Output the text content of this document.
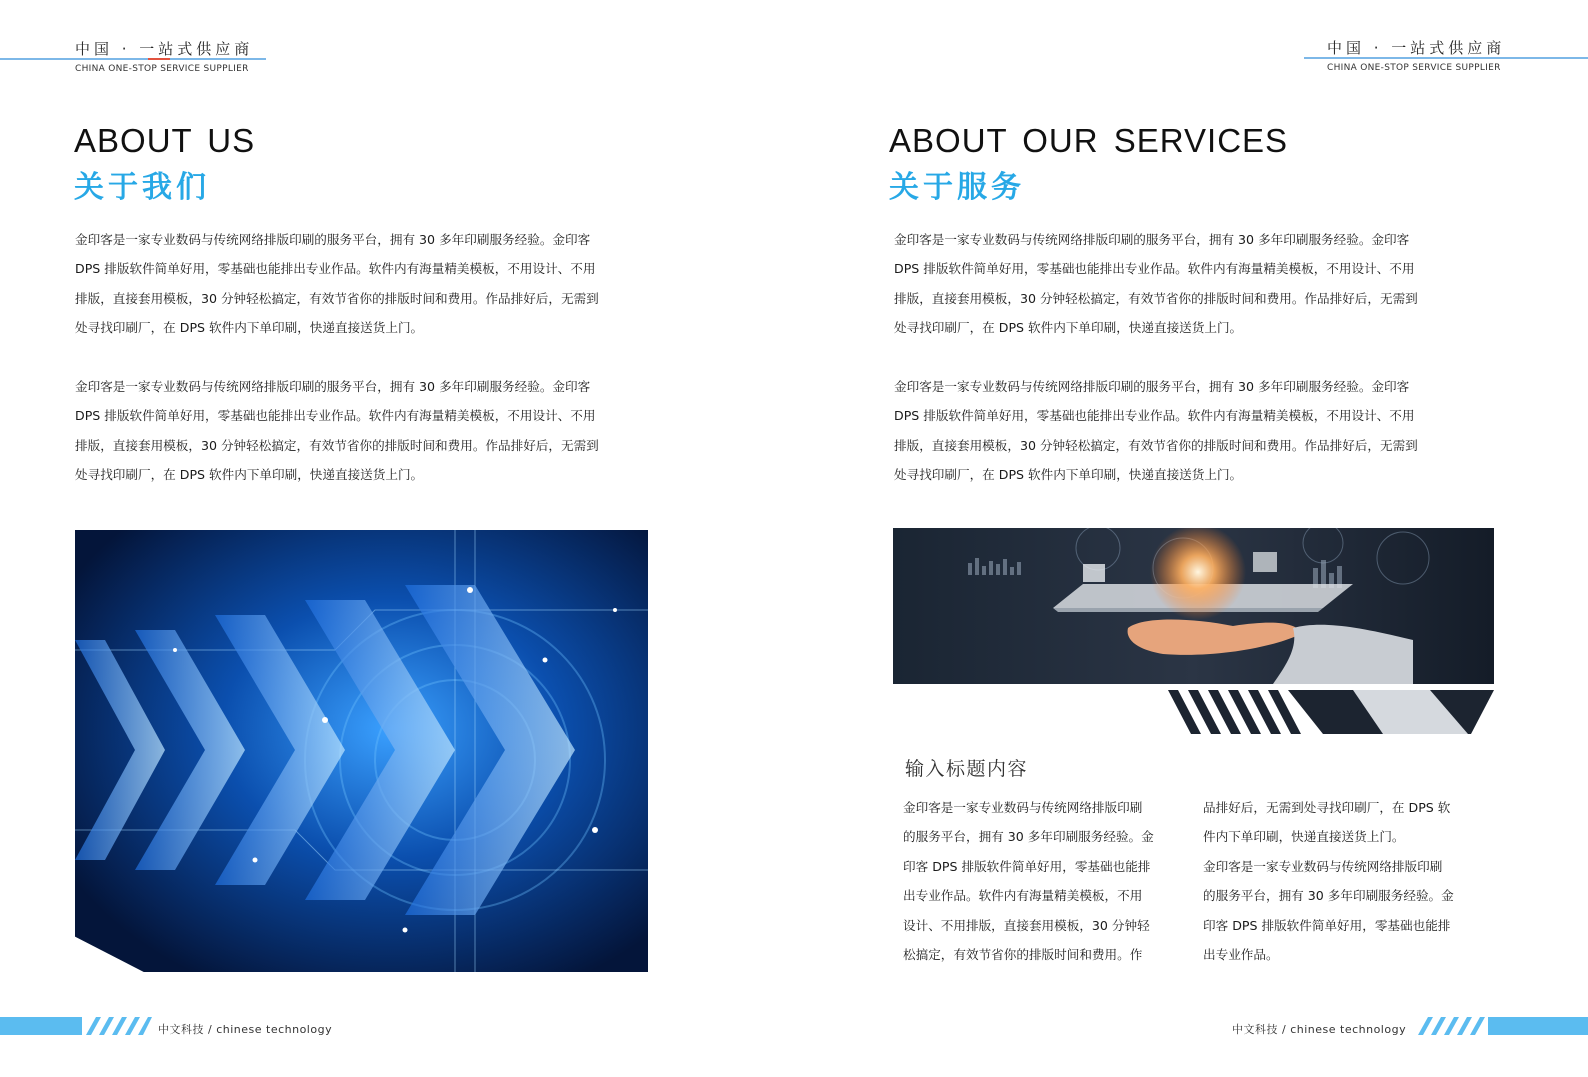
中国 · 一站式供应商
CHINA ONE-STOP SERVICE SUPPLIER
ABOUT US
关于我们
金印客是一家专业数码与传统网络排版印刷的服务平台，拥有 30 多年印刷服务经验。金印客
DPS 排版软件简单好用，零基础也能排出专业作品。软件内有海量精美模板，不用设计、不用
排版，直接套用模板，30 分钟轻松搞定，有效节省你的排版时间和费用。作品排好后，无需到
处寻找印刷厂，在 DPS 软件内下单印刷，快递直接送货上门。
金印客是一家专业数码与传统网络排版印刷的服务平台，拥有 30 多年印刷服务经验。金印客
DPS 排版软件简单好用，零基础也能排出专业作品。软件内有海量精美模板，不用设计、不用
排版，直接套用模板，30 分钟轻松搞定，有效节省你的排版时间和费用。作品排好后，无需到
处寻找印刷厂，在 DPS 软件内下单印刷，快递直接送货上门。
中文科技 / chinese technology
中国 · 一站式供应商
CHINA ONE-STOP SERVICE SUPPLIER
ABOUT OUR SERVICES
关于服务
金印客是一家专业数码与传统网络排版印刷的服务平台，拥有 30 多年印刷服务经验。金印客
DPS 排版软件简单好用，零基础也能排出专业作品。软件内有海量精美模板，不用设计、不用
排版，直接套用模板，30 分钟轻松搞定，有效节省你的排版时间和费用。作品排好后，无需到
处寻找印刷厂，在 DPS 软件内下单印刷，快递直接送货上门。
金印客是一家专业数码与传统网络排版印刷的服务平台，拥有 30 多年印刷服务经验。金印客
DPS 排版软件简单好用，零基础也能排出专业作品。软件内有海量精美模板，不用设计、不用
排版，直接套用模板，30 分钟轻松搞定，有效节省你的排版时间和费用。作品排好后，无需到
处寻找印刷厂，在 DPS 软件内下单印刷，快递直接送货上门。
输入标题内容
金印客是一家专业数码与传统网络排版印刷
的服务平台，拥有 30 多年印刷服务经验。金
印客 DPS 排版软件简单好用，零基础也能排
出专业作品。软件内有海量精美模板，不用
设计、不用排版，直接套用模板，30 分钟轻
松搞定，有效节省你的排版时间和费用。作
品排好后，无需到处寻找印刷厂，在 DPS 软
件内下单印刷，快递直接送货上门。
金印客是一家专业数码与传统网络排版印刷
的服务平台，拥有 30 多年印刷服务经验。金
印客 DPS 排版软件简单好用，零基础也能排
出专业作品。
中文科技 / chinese technology
